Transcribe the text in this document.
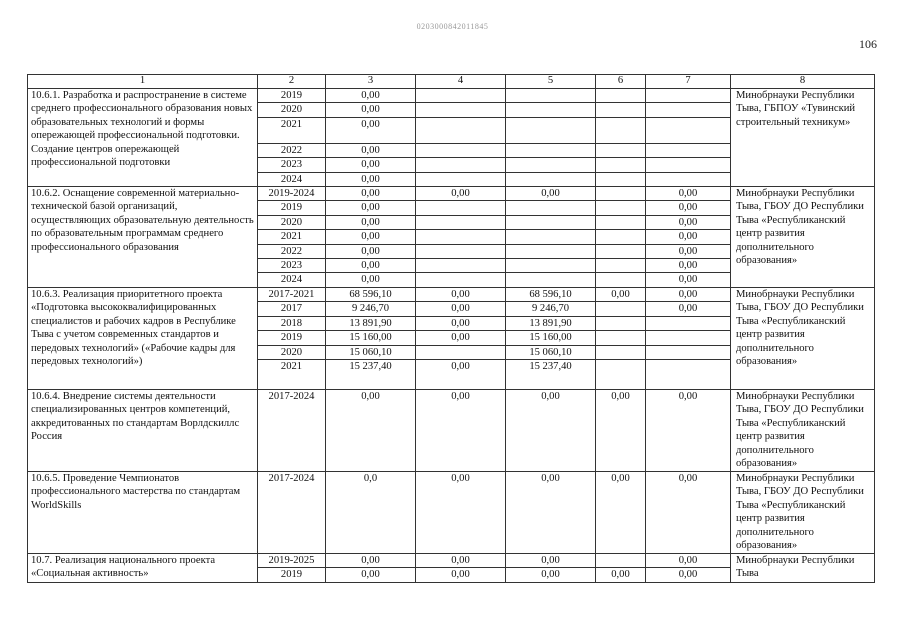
0203000842011845
106
1	2	3	4	5	6	7	8
10.6.1. Разработка и распространение в системе среднего профессионального образования новых образовательных технологий и формы опережающей профессиональной подготовки. Создание центров опережающей профессиональной подготовки	2019	0,00					Минобрнауки Республики Тыва, ГБПОУ «Тувинский строительный техникум»
	2020	0,00					
	2021	0,00					
	2022	0,00					
	2023	0,00					
	2024	0,00					
10.6.2. Оснащение современной материально-технической базой организаций, осуществляющих образовательную деятельность по образовательным программам среднего профессионального образования	2019-2024	0,00	0,00	0,00		0,00	Минобрнауки Республики Тыва, ГБОУ ДО Республики Тыва «Республиканский центр развития дополнительного образования»
	2019	0,00				0,00	
	2020	0,00				0,00	
	2021	0,00				0,00	
	2022	0,00				0,00	
	2023	0,00				0,00	
	2024	0,00				0,00	
10.6.3. Реализация приоритетного проекта «Подготовка высококвалифицированных специалистов и рабочих кадров в Республике Тыва с учетом современных стандартов и передовых технологий» («Рабочие кадры для передовых технологий»)	2017-2021	68 596,10	0,00	68 596,10	0,00	0,00	Минобрнауки Республики Тыва, ГБОУ ДО Республики Тыва «Республиканский центр развития дополнительного образования»
	2017	9 246,70	0,00	9 246,70		0,00	
	2018	13 891,90	0,00	13 891,90			
	2019	15 160,00	0,00	15 160,00			
	2020	15 060,10		15 060,10			
	2021	15 237,40	0,00	15 237,40			
10.6.4. Внедрение системы деятельности специализированных центров компетенций, аккредитованных по стандартам Ворлдскиллс Россия	2017-2024	0,00	0,00	0,00	0,00	0,00	Минобрнауки Республики Тыва, ГБОУ ДО Республики Тыва «Республиканский центр развития дополнительного образования»
10.6.5. Проведение Чемпионатов профессионального мастерства по стандартам WorldSkills	2017-2024	0,0	0,00	0,00	0,00	0,00	Минобрнауки Республики Тыва, ГБОУ ДО Республики Тыва «Республиканский центр развития дополнительного образования»
10.7. Реализация национального проекта «Социальная активность»	2019-2025	0,00	0,00	0,00		0,00	Минобрнауки Республики Тыва
	2019	0,00	0,00	0,00	0,00	0,00	
